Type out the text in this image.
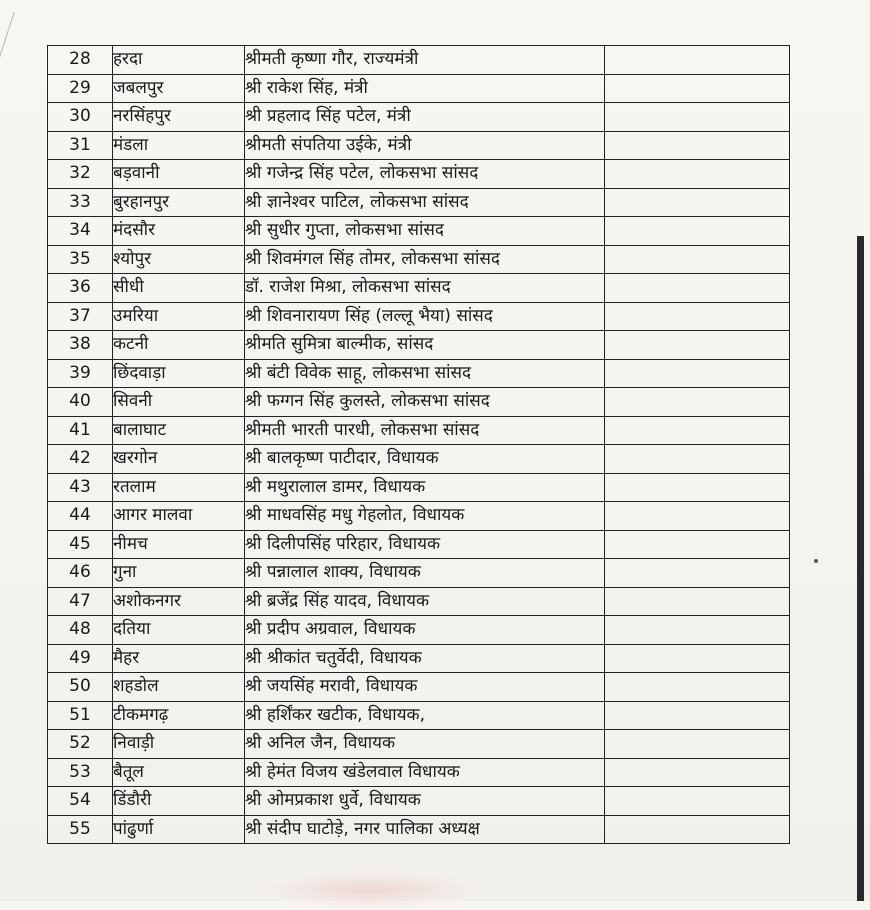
28	हरदा	श्रीमती कृष्णा गौर, राज्यमंत्री	
29	जबलपुर	श्री राकेश सिंह, मंत्री	
30	नरसिंहपुर	श्री प्रहलाद सिंह पटेल, मंत्री	
31	मंडला	श्रीमती संपतिया उईके, मंत्री	
32	बड़वानी	श्री गजेन्द्र सिंह पटेल, लोकसभा सांसद	
33	बुरहानपुर	श्री ज्ञानेश्वर पाटिल, लोकसभा सांसद	
34	मंदसौर	श्री सुधीर गुप्ता, लोकसभा सांसद	
35	श्योपुर	श्री शिवमंगल सिंह तोमर, लोकसभा सांसद	
36	सीधी	डॉ. राजेश मिश्रा, लोकसभा सांसद	
37	उमरिया	श्री शिवनारायण सिंह (लल्लू भैया) सांसद	
38	कटनी	श्रीमति सुमित्रा बाल्मीक, सांसद	
39	छिंदवाड़ा	श्री बंटी विवेक साहू, लोकसभा सांसद	
40	सिवनी	श्री फग्गन सिंह कुलस्ते, लोकसभा सांसद	
41	बालाघाट	श्रीमती भारती पारधी, लोकसभा सांसद	
42	खरगोन	श्री बालकृष्ण पाटीदार, विधायक	
43	रतलाम	श्री मथुरालाल डामर, विधायक	
44	आगर मालवा	श्री माधवसिंह मधु गेहलोत, विधायक	
45	नीमच	श्री दिलीपसिंह परिहार, विधायक	
46	गुना	श्री पन्नालाल शाक्य, विधायक	
47	अशोकनगर	श्री ब्रजेंद्र सिंह यादव, विधायक	
48	दतिया	श्री प्रदीप अग्रवाल, विधायक	
49	मैहर	श्री श्रीकांत चतुर्वेदी, विधायक	
50	शहडोल	श्री जयसिंह मरावी, विधायक	
51	टीकमगढ़	श्री हर्शिंकर खटीक, विधायक,	
52	निवाड़ी	श्री अनिल जैन, विधायक	
53	बैतूल	श्री हेमंत विजय खंडेलवाल विधायक	
54	डिंडौरी	श्री ओमप्रकाश धुर्वे, विधायक	
55	पांढुर्णा	श्री संदीप घाटोड़े, नगर पालिका अध्यक्ष	
